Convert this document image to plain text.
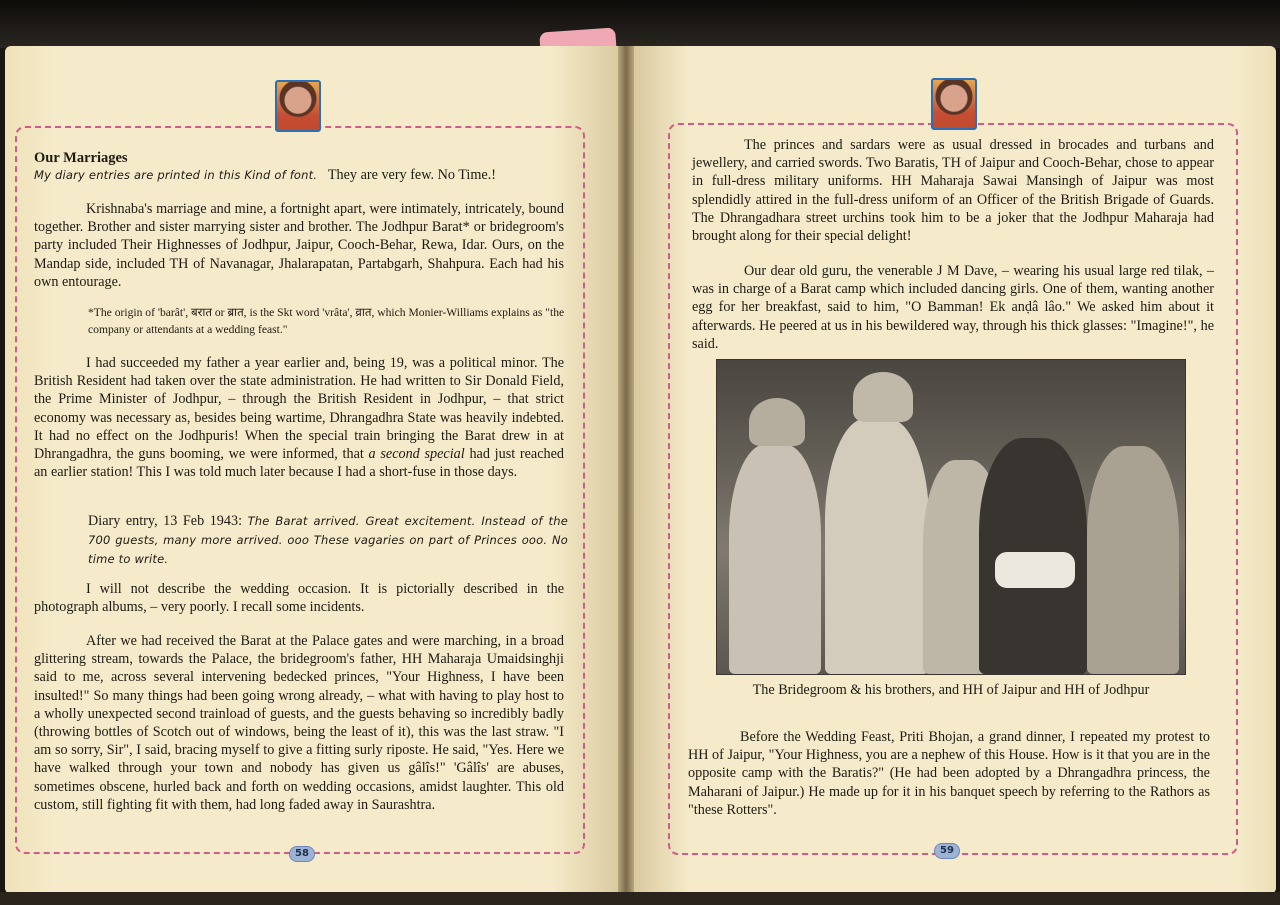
Our Marriages
My diary entries are printed in this Kind of font. They are very few. No Time.!
Krishnaba's marriage and mine, a fortnight apart, were intimately, intricately, bound together. Brother and sister marrying sister and brother. The Jodhpur Barat* or bridegroom's party included Their Highnesses of Jodhpur, Jaipur, Cooch-Behar, Rewa, Idar. Ours, on the Mandap side, included TH of Navanagar, Jhalarapatan, Partabgarh, Shahpura. Each had his own entourage.
*The origin of 'barât', बरात or ब्रात, is the Skt word 'vrâta', व्रात, which Monier-Williams explains as "the company or attendants at a wedding feast."
I had succeeded my father a year earlier and, being 19, was a political minor. The British Resident had taken over the state administration. He had written to Sir Donald Field, the Prime Minister of Jodhpur, – through the British Resident in Jodhpur, – that strict economy was necessary as, besides being wartime, Dhrangadhra State was heavily indebted. It had no effect on the Jodhpuris! When the special train bringing the Barat drew in at Dhrangadhra, the guns booming, we were informed, that a second special had just reached an earlier station! This I was told much later because I had a short-fuse in those days.
Diary entry, 13 Feb 1943: The Barat arrived. Great excitement. Instead of the 700 guests, many more arrived. ooo These vagaries on part of Princes ooo. No time to write.
I will not describe the wedding occasion. It is pictorially described in the photograph albums, – very poorly. I recall some incidents.
After we had received the Barat at the Palace gates and were marching, in a broad glittering stream, towards the Palace, the bridegroom's father, HH Maharaja Umaidsinghji said to me, across several intervening bedecked princes, "Your Highness, I have been insulted!" So many things had been going wrong already, – what with having to play host to a wholly unexpected second trainload of guests, and the guests behaving so incredibly badly (throwing bottles of Scotch out of windows, being the least of it), this was the last straw. "I am so sorry, Sir", I said, bracing myself to give a fitting surly riposte. He said, "Yes. Here we have walked through your town and nobody has given us gâlîs!" 'Gâlîs' are abuses, sometimes obscene, hurled back and forth on wedding occasions, amidst laughter. This old custom, still fighting fit with them, had long faded away in Saurashtra.
58
The princes and sardars were as usual dressed in brocades and turbans and jewellery, and carried swords. Two Baratis, TH of Jaipur and Cooch-Behar, chose to appear in full-dress military uniforms. HH Maharaja Sawai Mansingh of Jaipur was most splendidly attired in the full-dress uniform of an Officer of the British Brigade of Guards. The Dhrangadhara street urchins took him to be a joker that the Jodhpur Maharaja had brought along for their special delight!
Our dear old guru, the venerable J M Dave, – wearing his usual large red tilak, – was in charge of a Barat camp which included dancing girls. One of them, wanting another egg for her breakfast, said to him, "O Bamman! Ek anḍâ lâo." We asked him about it afterwards. He peered at us in his bewildered way, through his thick glasses: "Imagine!", he said.
The Bridegroom & his brothers, and HH of Jaipur and HH of Jodhpur
Before the Wedding Feast, Priti Bhojan, a grand dinner, I repeated my protest to HH of Jaipur, "Your Highness, you are a nephew of this House. How is it that you are in the opposite camp with the Baratis?" (He had been adopted by a Dhrangadhra princess, the Maharani of Jaipur.) He made up for it in his banquet speech by referring to the Rathors as "these Rotters".
59
